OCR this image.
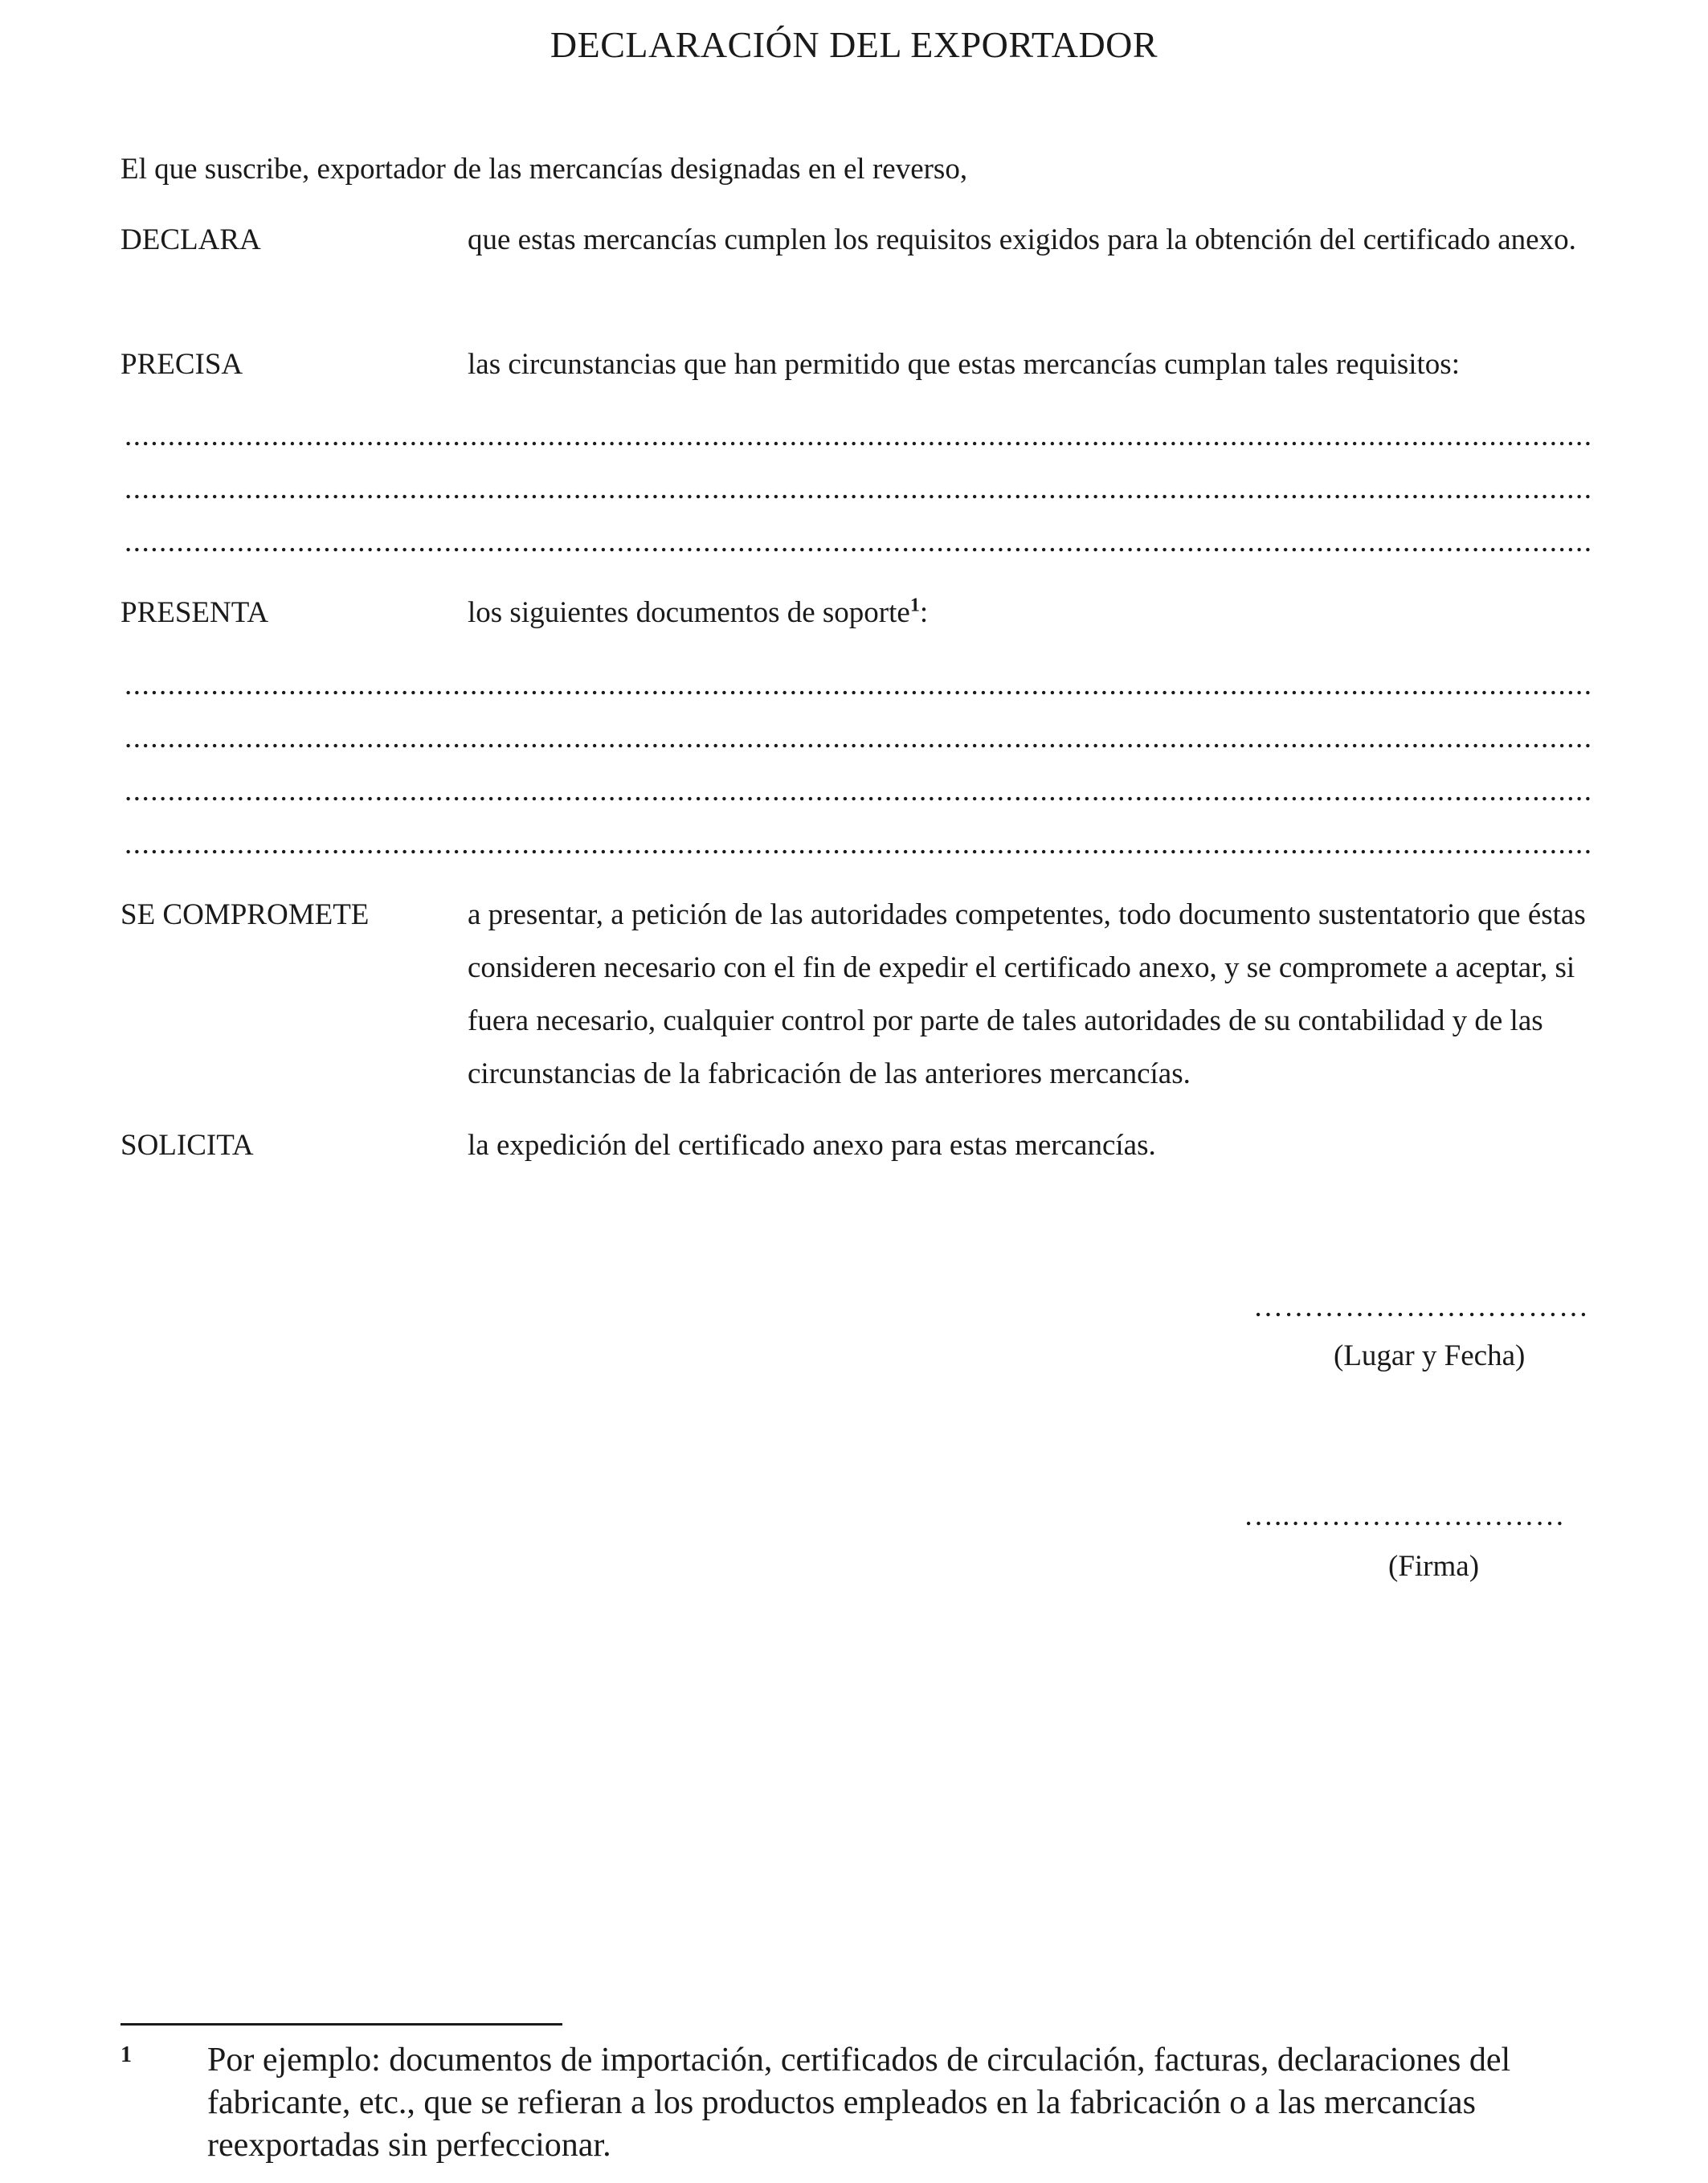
DECLARACIÓN DEL EXPORTADOR
El que suscribe, exportador de las mercancías designadas en el reverso,
DECLARA	que estas mercancías cumplen los requisitos exigidos para la obtención del certificado anexo.
PRECISA	las circunstancias que han permitido que estas mercancías cumplan tales requisitos:
.....
.....
.....
PRESENTA	los siguientes documentos de soporte$^1$:
.....
.....
.....
.....
SE COMPROMETE	a presentar, a petición de las autoridades competentes, todo documento sustentatorio que éstas consideren necesario con el fin de expedir el certificado anexo, y se compromete a aceptar, si fuera necesario, cualquier control por parte de tales autoridades de su contabilidad y de las circunstancias de la fabricación de las anteriores mercancías.
SOLICITA	la expedición del certificado anexo para estas mercancías.
……………………………
(Lugar y Fecha)
…..………………………
(Firma)
1 Por ejemplo: documentos de importación, certificados de circulación, facturas, declaraciones del fabricante, etc., que se refieran a los productos empleados en la fabricación o a las mercancías reexportadas sin perfeccionar.
